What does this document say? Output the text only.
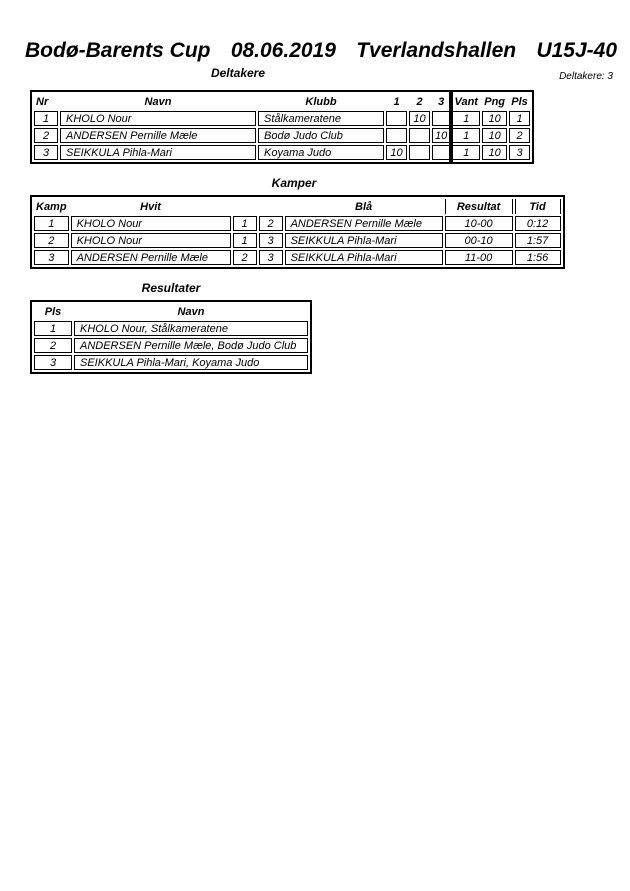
Bodø-Barents Cup 08.06.2019 Tverlandshallen U15J-40
Deltakere: 3
Deltakere
Nr	Navn	Klubb	1	2	3	Vant	Png	Pls
1	KHOLO Nour	Stålkameratene		10		1	10	1
2	ANDERSEN Pernille Mæle	Bodø Judo Club			10	1	10	2
3	SEIKKULA Pihla-Mari	Koyama Judo	10			1	10	3
Kamper
Kamp	Hvit			Blå	Resultat	Tid
1	KHOLO Nour	1	2	ANDERSEN Pernille Mæle	10-00	0:12
2	KHOLO Nour	1	3	SEIKKULA Pihla-Mari	00-10	1:57
3	ANDERSEN Pernille Mæle	2	3	SEIKKULA Pihla-Mari	11-00	1:56
Resultater
Pls	Navn
1	KHOLO Nour, Stålkameratene
2	ANDERSEN Pernille Mæle, Bodø Judo Club
3	SEIKKULA Pihla-Mari, Koyama Judo
